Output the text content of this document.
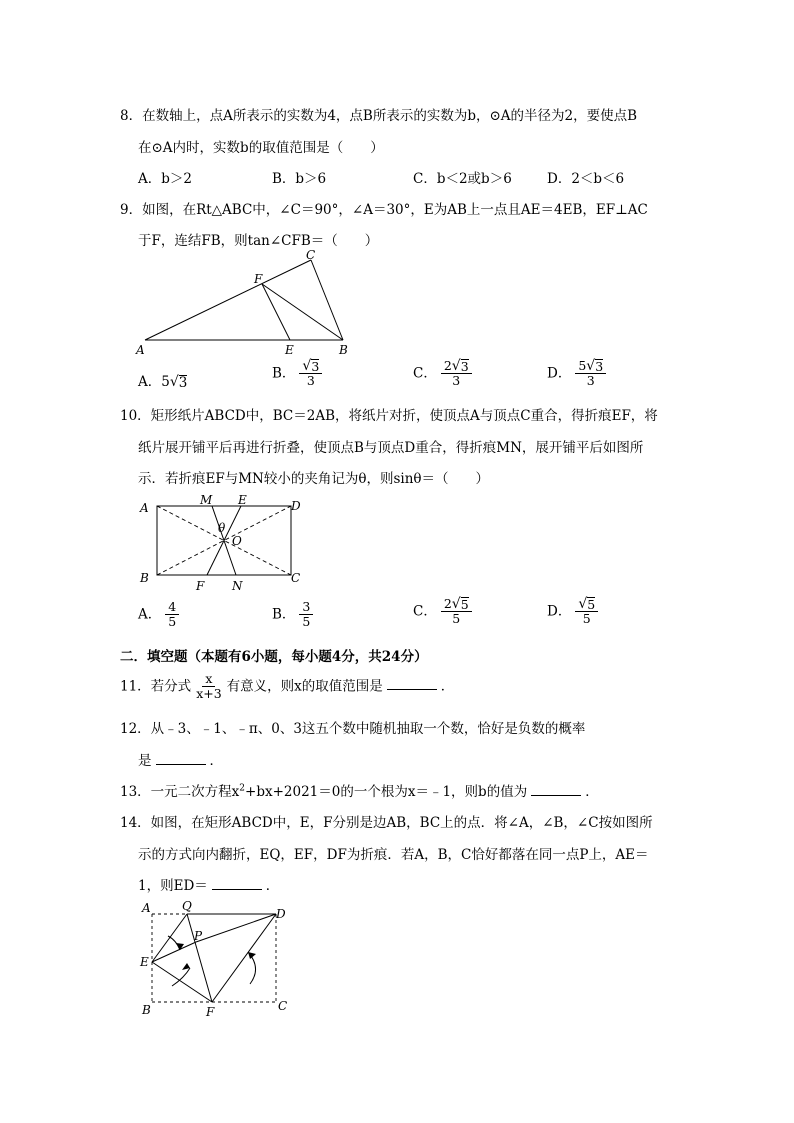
8．在数轴上，点A所表示的实数为4，点B所表示的实数为b，⊙A的半径为2，要使点B
在⊙A内时，实数b的取值范围是（　　）
A．b＞2	B．b＞6	C．b＜2或b＞6	D．2＜b＜6
9．如图，在Rt△ABC中，∠C＝90°，∠A＝30°，E为AB上一点且AE＝4EB，EF⊥AC
于F，连结FB，则tan∠CFB＝（　　）
A	B
C
E
F
A．5 √ 3
B． $\frac{√ 3}{3}$	C． $\frac{2 √ 3}{3}$	D． $\frac{5 √ 3}{3}$
10．矩形纸片ABCD中，BC＝2AB，将纸片对折，使顶点A与顶点C重合，得折痕EF，将
纸片展开铺平后再进行折叠，使顶点B与顶点D重合，得折痕MN，展开铺平后如图所
示．若折痕EF与MN较小的夹角记为θ，则sinθ＝（　　）
A
B	C
D
M E
F N
O
θ
A． $\frac{4}{5}$	B． $\frac{3}{5}$	C． $\frac{2 √ 5}{5}$	D． $\frac{√ 5}{5}$
二．填空题（本题有6小题，每小题4分，共24分）
11．若分式 $\frac{x}{x+3}$ 有意义，则x的取值范围是	．
12．从﹣3、﹣1、﹣π、0、3这五个数中随机抽取一个数，恰好是负数的概率
是	．
13．一元二次方程$x^2+bx+2021=0$的一个根为x＝﹣1，则b的值为	．
14．如图，在矩形ABCD中，E，F分别是边AB，BC上的点．将∠A，∠B，∠C按如图所
示的方式向内翻折，EQ，EF，DF为折痕．若A，B，C恰好都落在同一点P上，AE＝
1，则ED＝	．
A	Q
D
P
E
B	F	C
